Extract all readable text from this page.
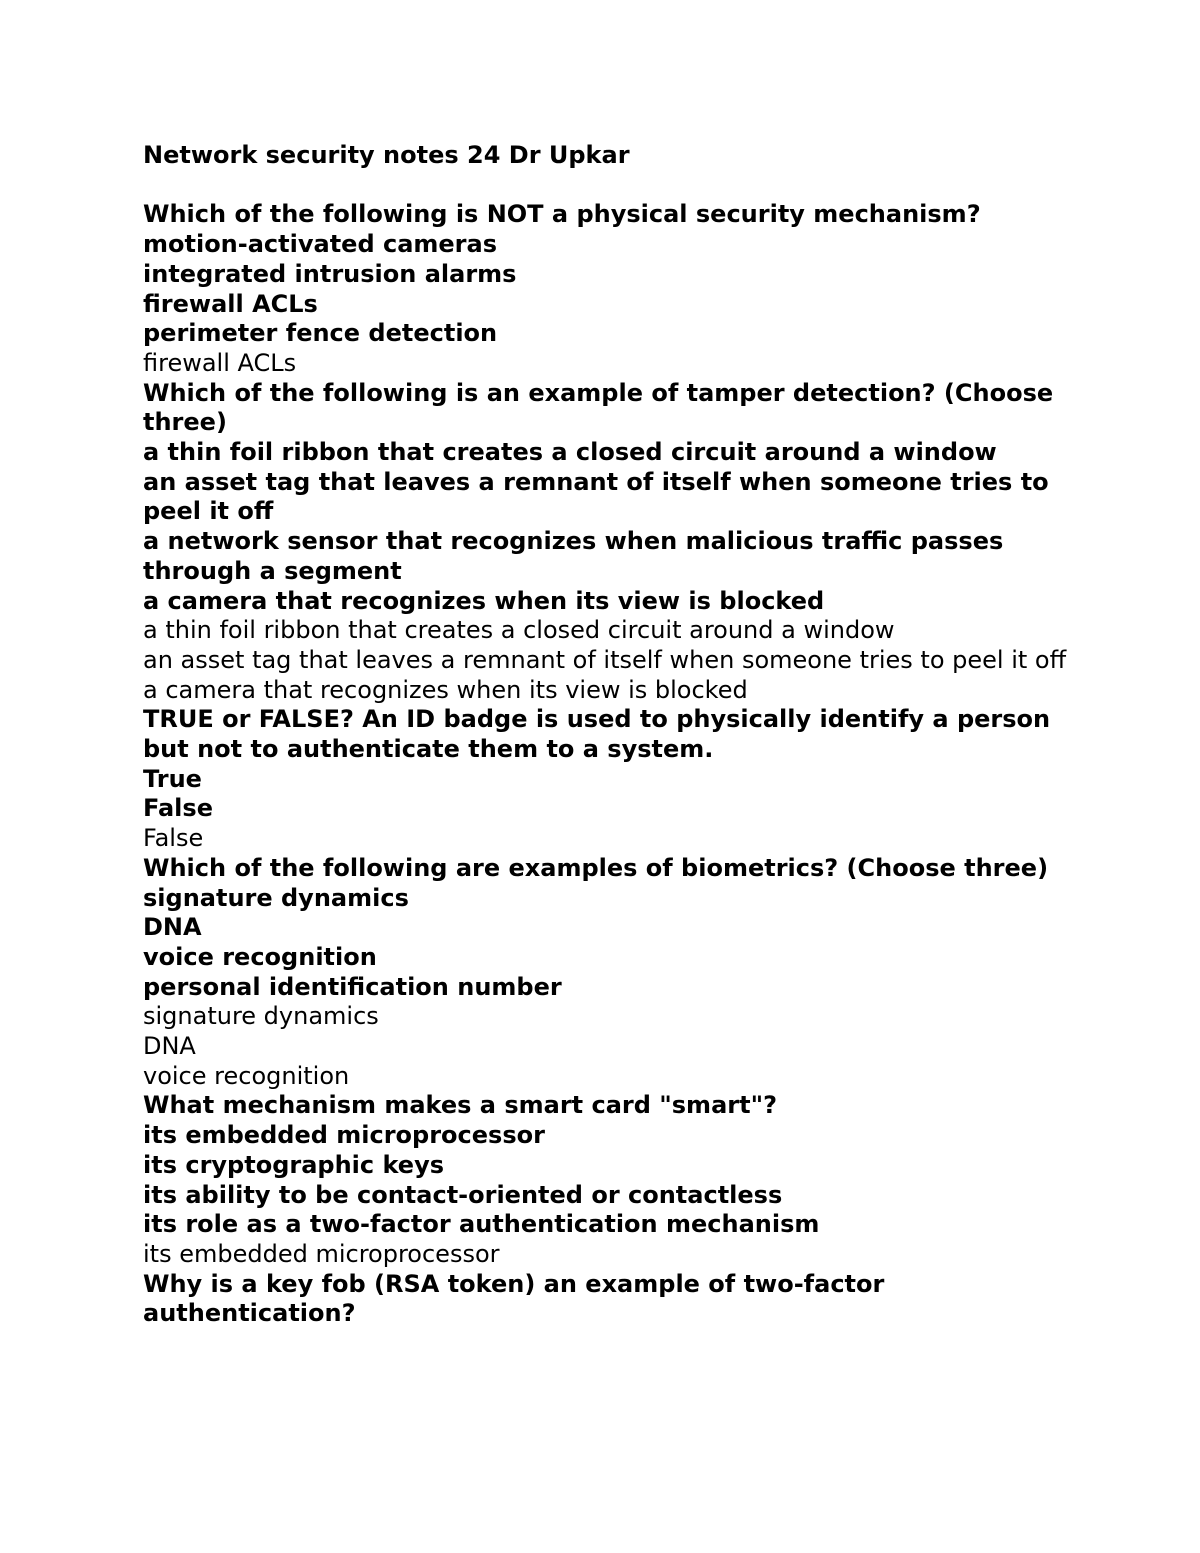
Network security notes 24 Dr Upkar
Which of the following is NOT a physical security mechanism?
motion-activated cameras
integrated intrusion alarms
firewall ACLs
perimeter fence detection
firewall ACLs
Which of the following is an example of tamper detection? (Choose three)
a thin foil ribbon that creates a closed circuit around a window
an asset tag that leaves a remnant of itself when someone tries to peel it off
a network sensor that recognizes when malicious traffic passes through a segment
a camera that recognizes when its view is blocked
a thin foil ribbon that creates a closed circuit around a window
an asset tag that leaves a remnant of itself when someone tries to peel it off
a camera that recognizes when its view is blocked
TRUE or FALSE? An ID badge is used to physically identify a person but not to authenticate them to a system.
True
False
False
Which of the following are examples of biometrics? (Choose three)
signature dynamics
DNA
voice recognition
personal identification number
signature dynamics
DNA
voice recognition
What mechanism makes a smart card "smart"?
its embedded microprocessor
its cryptographic keys
its ability to be contact-oriented or contactless
its role as a two-factor authentication mechanism
its embedded microprocessor
Why is a key fob (RSA token) an example of two-factor authentication?
